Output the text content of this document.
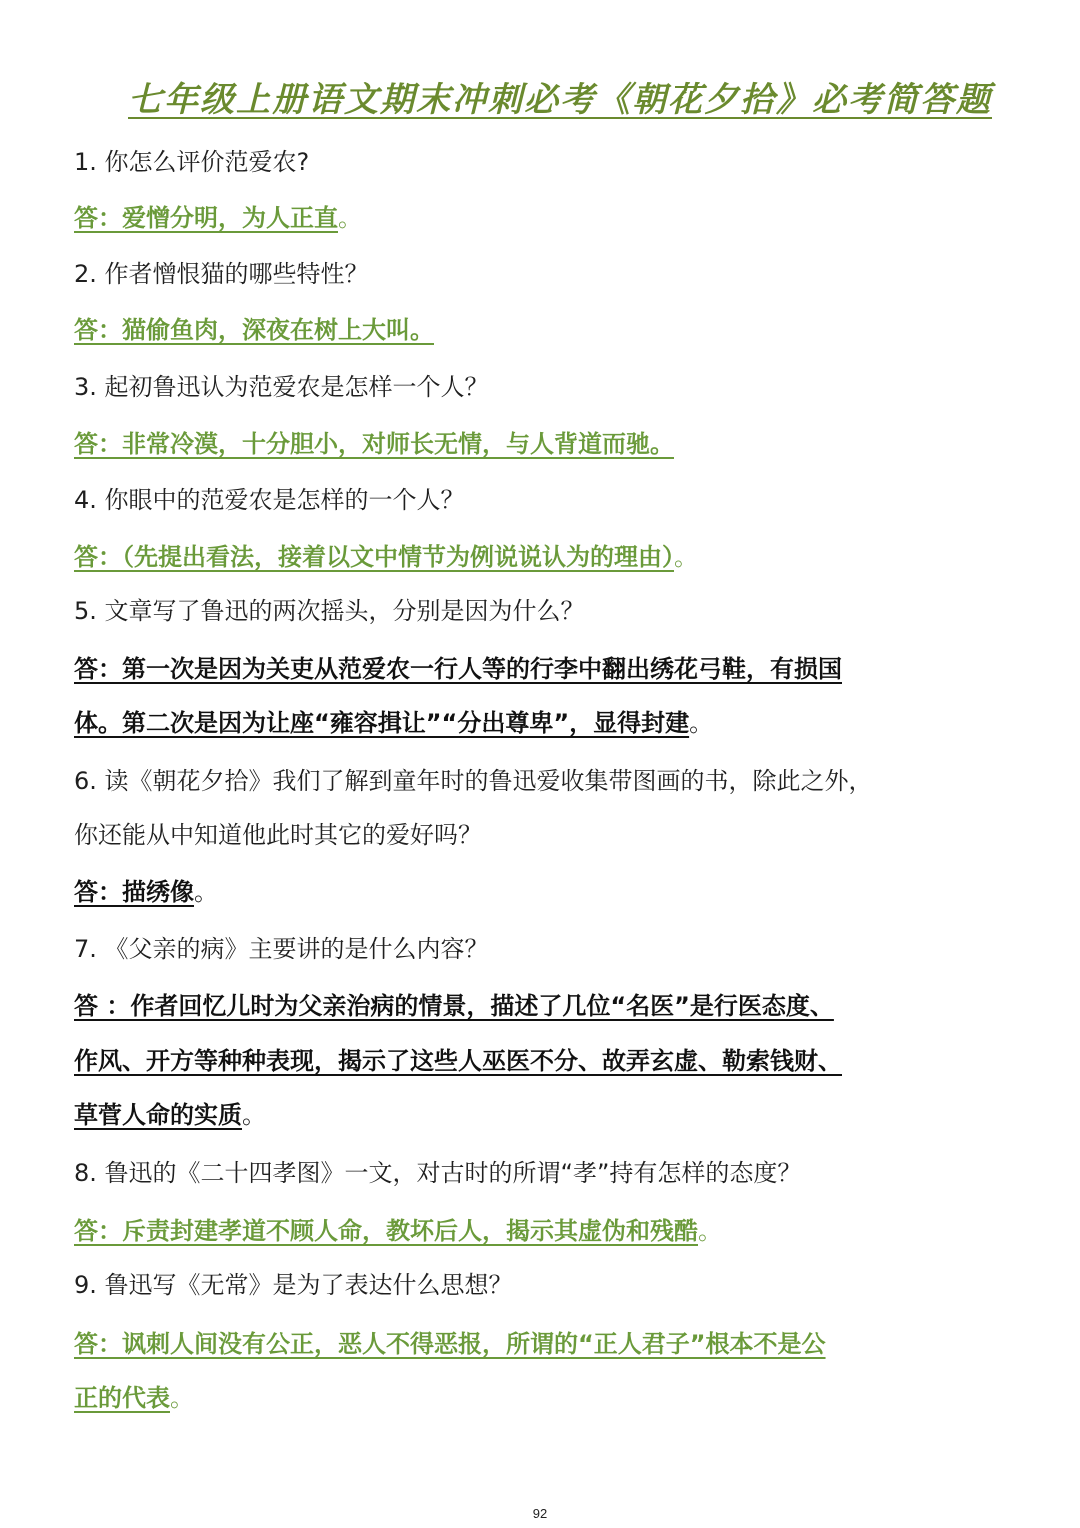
七年级上册语文期末冲刺必考《朝花夕拾》必考简答题
1. 你怎么评价范爱农?
答：爱憎分明，为人正直。
2. 作者憎恨猫的哪些特性？
答：猫偷鱼肉，深夜在树上大叫。
3. 起初鲁迅认为范爱农是怎样一个人？
答：非常冷漠，十分胆小，对师长无情，与人背道而驰。
4. 你眼中的范爱农是怎样的一个人？
答：（先提出看法，接着以文中情节为例说说认为的理由）。
5. 文章写了鲁迅的两次摇头，分别是因为什么？
答：第一次是因为关吏从范爱农一行人等的行李中翻出绣花弓鞋，有损国
体。第二次是因为让座“雍容揖让”“分出尊卑”，显得封建。
6. 读《朝花夕拾》我们了解到童年时的鲁迅爱收集带图画的书，除此之外，
你还能从中知道他此时其它的爱好吗？
答：描绣像。
7. 《父亲的病》主要讲的是什么内容？
答 ：作者回忆儿时为父亲治病的情景，描述了几位“名医”是行医态度、
作风、开方等种种表现，揭示了这些人巫医不分、故弄玄虚、勒索钱财、
草菅人命的实质。
8. 鲁迅的《二十四孝图》一文，对古时的所谓“孝”持有怎样的态度？
答：斥责封建孝道不顾人命，教坏后人，揭示其虚伪和残酷。
9. 鲁迅写《无常》是为了表达什么思想？
答：讽刺人间没有公正，恶人不得恶报，所谓的“正人君子”根本不是公
正的代表。
92
